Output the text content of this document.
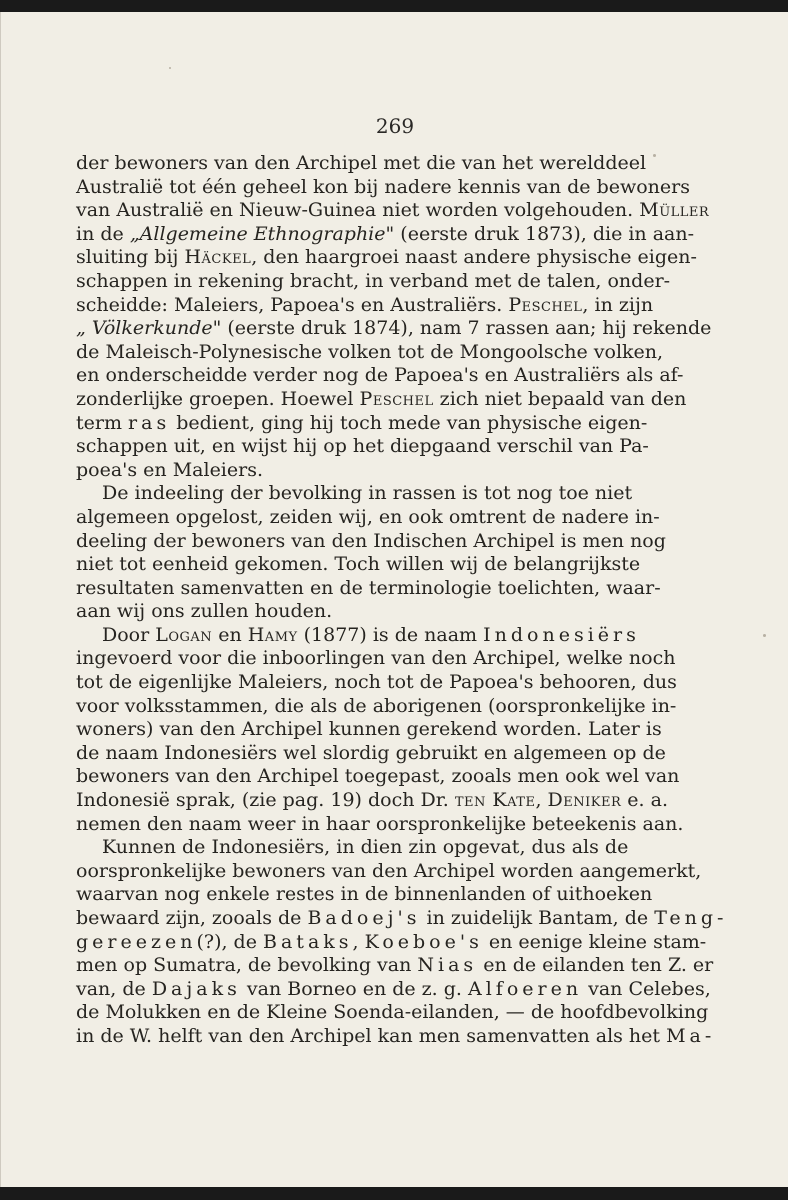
269
der bewoners van den Archipel met die van het werelddeel
Australië tot één geheel kon bij nadere kennis van de bewoners
van Australië en Nieuw-Guinea niet worden volgehouden. Müller
in de „Allgemeine Ethnographie" (eerste druk 1873), die in aan-
sluiting bij Häckel, den haargroei naast andere physische eigen-
schappen in rekening bracht, in verband met de talen, onder-
scheidde: Maleiers, Papoea's en Australiërs. Peschel, in zijn
„ Völkerkunde" (eerste druk 1874), nam 7 rassen aan; hij rekende
de Maleisch-Polynesische volken tot de Mongoolsche volken,
en onderscheidde verder nog de Papoea's en Australiërs als af-
zonderlijke groepen. Hoewel Peschel zich niet bepaald van den
term ras bedient, ging hij toch mede van physische eigen-
schappen uit, en wijst hij op het diepgaand verschil van Pa-
poea's en Maleiers.
De indeeling der bevolking in rassen is tot nog toe niet
algemeen opgelost, zeiden wij, en ook omtrent de nadere in-
deeling der bewoners van den Indischen Archipel is men nog
niet tot eenheid gekomen. Toch willen wij de belangrijkste
resultaten samenvatten en de terminologie toelichten, waar-
aan wij ons zullen houden.
Door Logan en Hamy (1877) is de naam Indonesiërs
ingevoerd voor die inboorlingen van den Archipel, welke noch
tot de eigenlijke Maleiers, noch tot de Papoea's behooren, dus
voor volksstammen, die als de aborigenen (oorspronkelijke in-
woners) van den Archipel kunnen gerekend worden. Later is
de naam Indonesiërs wel slordig gebruikt en algemeen op de
bewoners van den Archipel toegepast, zooals men ook wel van
Indonesië sprak, (zie pag. 19) doch Dr. ten Kate, Deniker e. a.
nemen den naam weer in haar oorspronkelijke beteekenis aan.
Kunnen de Indonesiërs, in dien zin opgevat, dus als de
oorspronkelijke bewoners van den Archipel worden aangemerkt,
waarvan nog enkele restes in de binnenlanden of uithoeken
bewaard zijn, zooals de Badoej's in zuidelijk Bantam, de Teng-
gereezen(?), de Bataks, Koeboe's en eenige kleine stam-
men op Sumatra, de bevolking van Nias en de eilanden ten Z. er
van, de Dajaks van Borneo en de z. g. Alfoeren van Celebes,
de Molukken en de Kleine Soenda-eilanden, — de hoofdbevolking
in de W. helft van den Archipel kan men samenvatten als het Ma-
